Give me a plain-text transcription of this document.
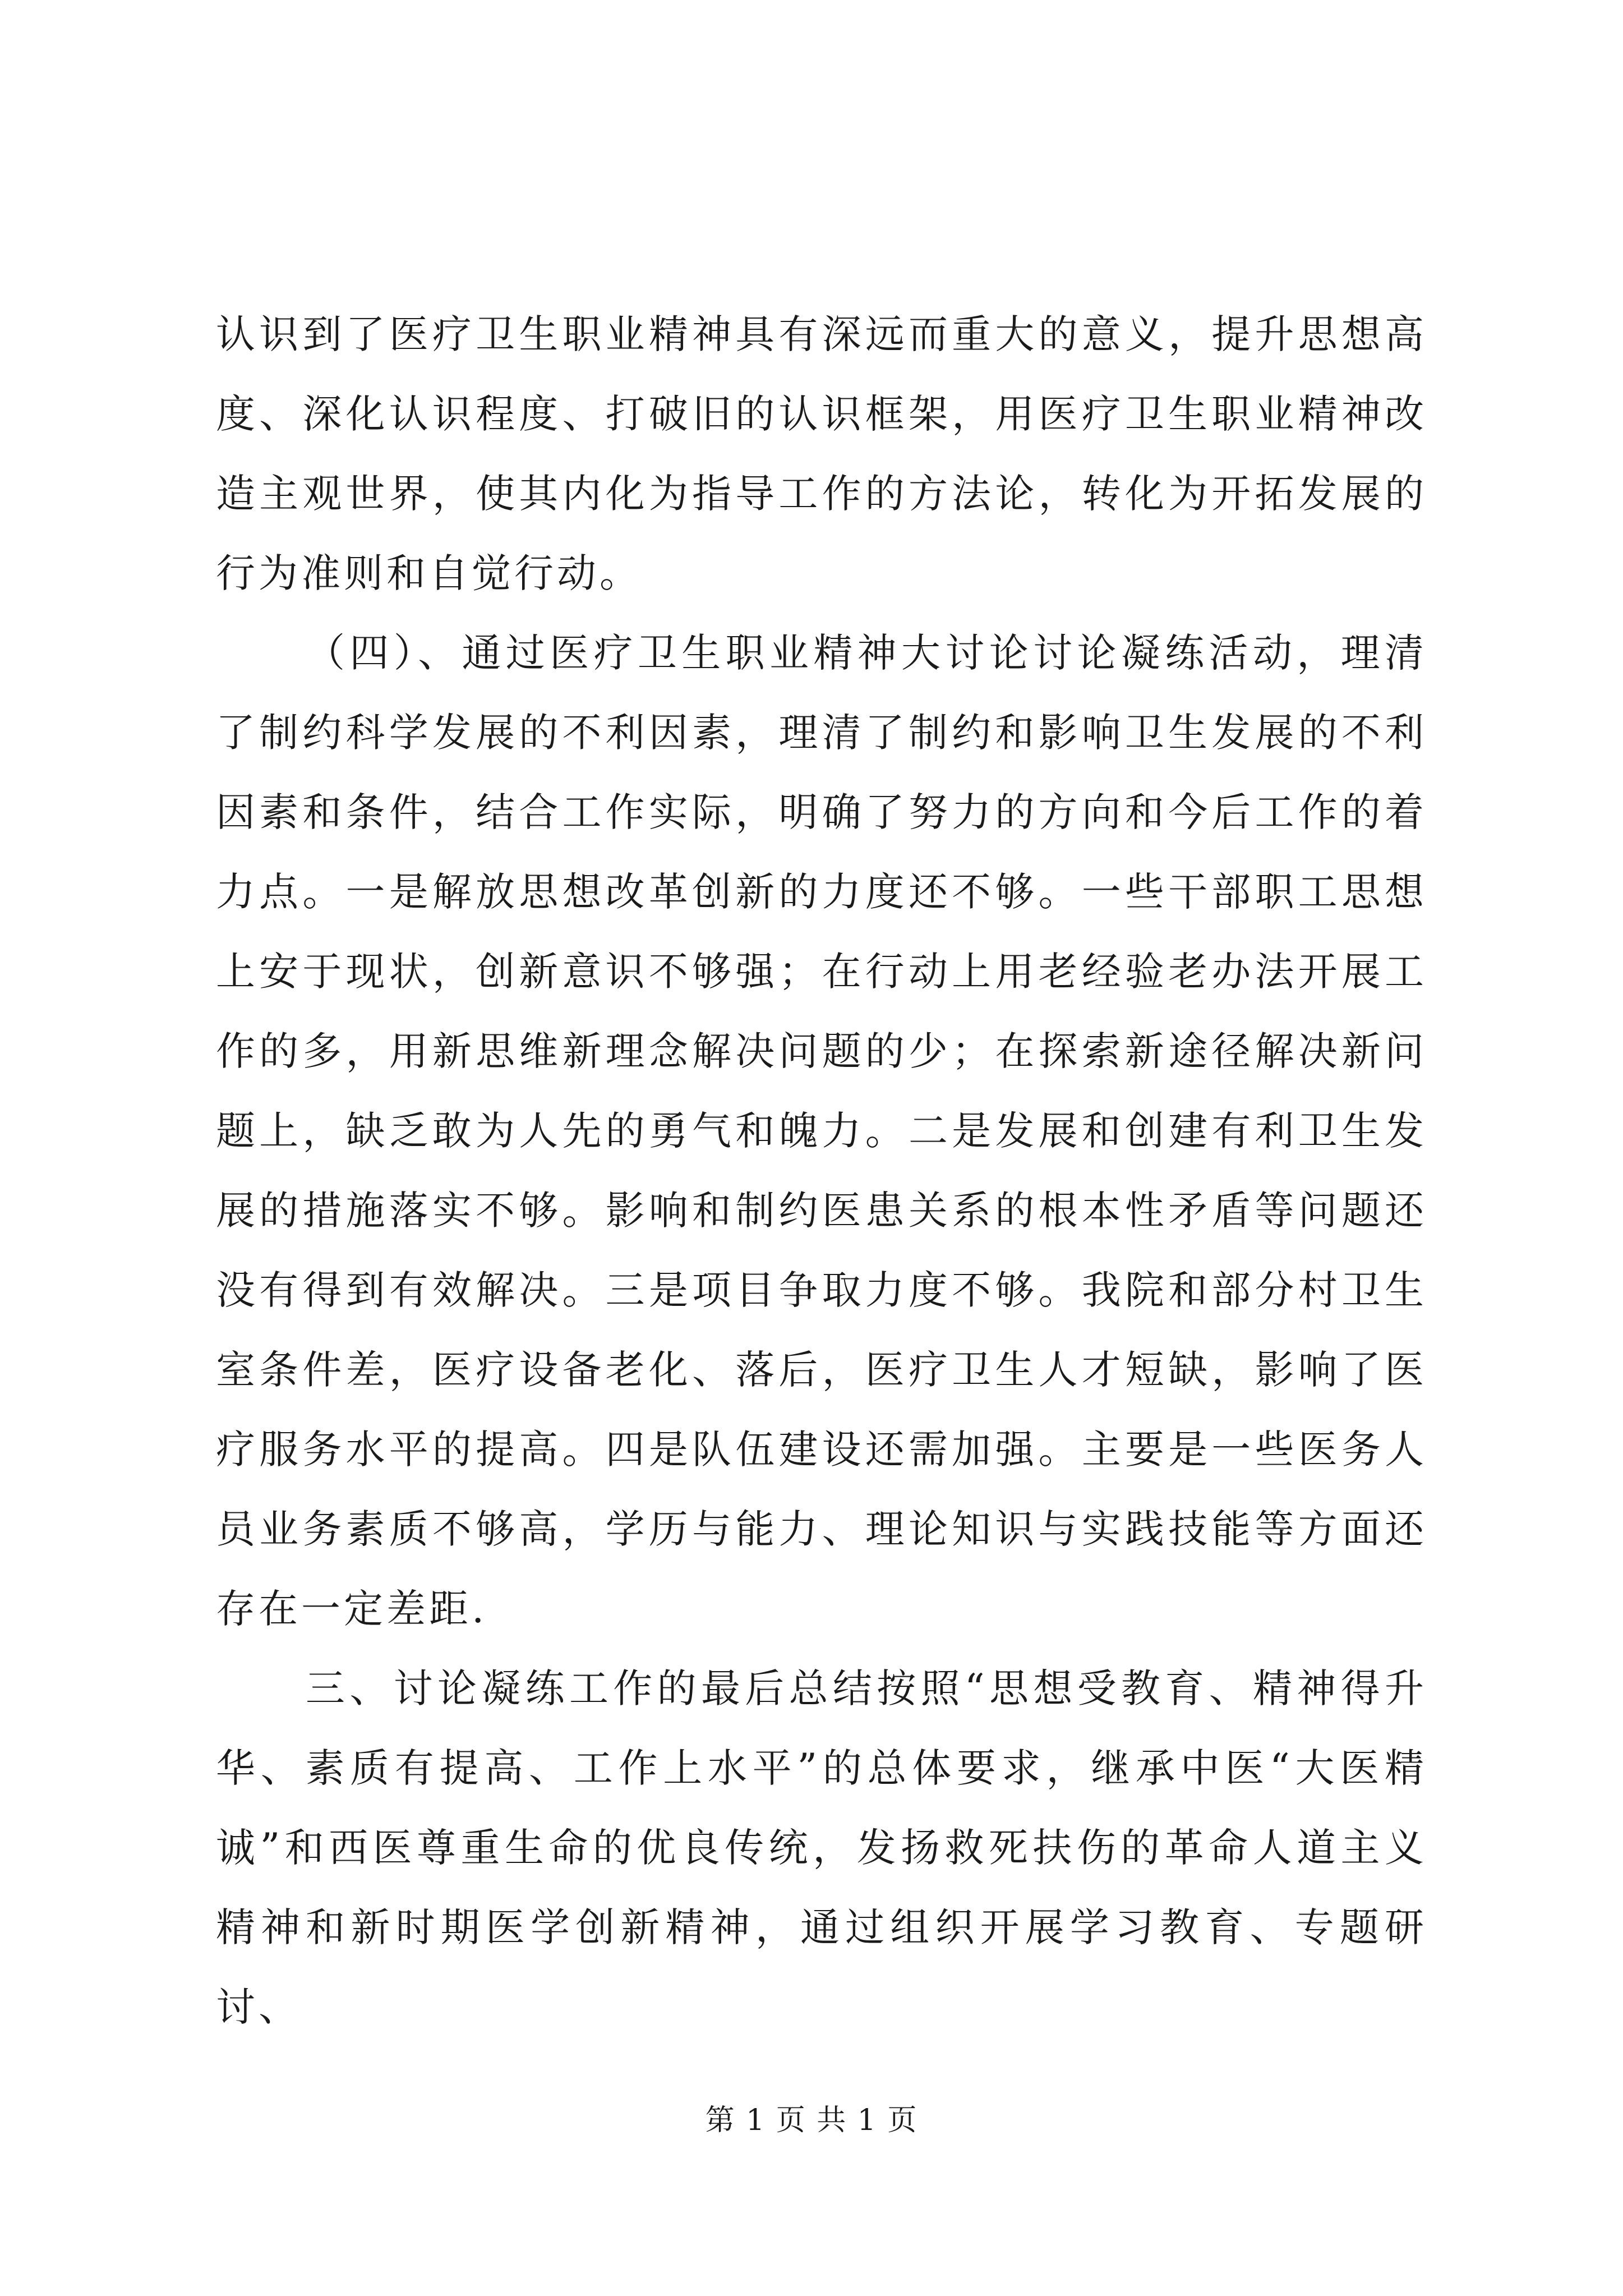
认识到了医疗卫生职业精神具有深远而重大的意义，提升思想高度、深化认识程度、打破旧的认识框架，用医疗卫生职业精神改造主观世界，使其内化为指导工作的方法论，转化为开拓发展的行为准则和自觉行动。

（四）、通过医疗卫生职业精神大讨论讨论凝练活动，理清了制约科学发展的不利因素，理清了制约和影响卫生发展的不利因素和条件，结合工作实际，明确了努力的方向和今后工作的着力点。一是解放思想改革创新的力度还不够。一些干部职工思想上安于现状，创新意识不够强；在行动上用老经验老办法开展工作的多，用新思维新理念解决问题的少；在探索新途径解决新问题上，缺乏敢为人先的勇气和魄力。二是发展和创建有利卫生发展的措施落实不够。影响和制约医患关系的根本性矛盾等问题还没有得到有效解决。三是项目争取力度不够。我院和部分村卫生室条件差，医疗设备老化、落后，医疗卫生人才短缺，影响了医疗服务水平的提高。四是队伍建设还需加强。主要是一些医务人员业务素质不够高，学历与能力、理论知识与实践技能等方面还存在一定差距.

三、讨论凝练工作的最后总结按照“思想受教育、精神得升华、素质有提高、工作上水平”的总体要求，继承中医“大医精诚”和西医尊重生命的优良传统，发扬救死扶伤的革命人道主义精神和新时期医学创新精神，通过组织开展学习教育、专题研讨、

第 1 页 共 1 页
